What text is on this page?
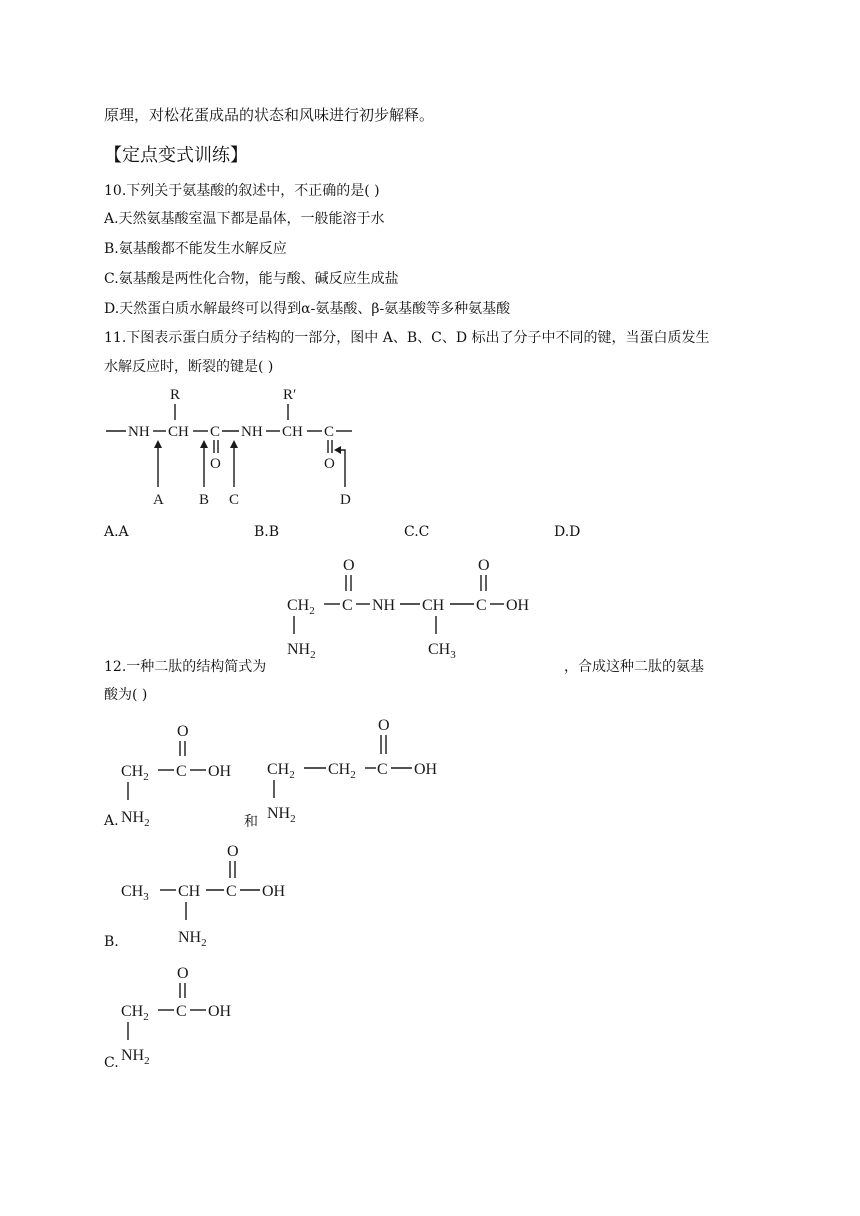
原理，对松花蛋成品的状态和风味进行初步解释。
【定点变式训练】
10.下列关于氨基酸的叙述中，不正确的是( )
A.天然氨基酸室温下都是晶体，一般能溶于水
B.氨基酸都不能发生水解反应
C.氨基酸是两性化合物，能与酸、碱反应生成盐
D.天然蛋白质水解最终可以得到α-氨基酸、β-氨基酸等多种氨基酸
11.下图表示蛋白质分子结构的一部分，图中 A、B、C、D 标出了分子中不同的键，当蛋白质发生
水解反应时，断裂的键是( )
R	R′
NH CH C NH CH C
O	O
A B C	D
A.A	B.B	C.C	D.D
O	O
$CH_2$ C NH CH C OH
$NH_2$	$CH_3$
12.一种二肽的结构简式为	，合成这种二肽的氨基
酸为( )
A.
O
$CH_2$ C OH
$NH_2$	和
O
$CH_2$ $CH_2$ C OH
$NH_2$
B.
O
$CH_3$ CH C OH
$NH_2$
C.
O
$CH_2$ C OH
$NH_2$
